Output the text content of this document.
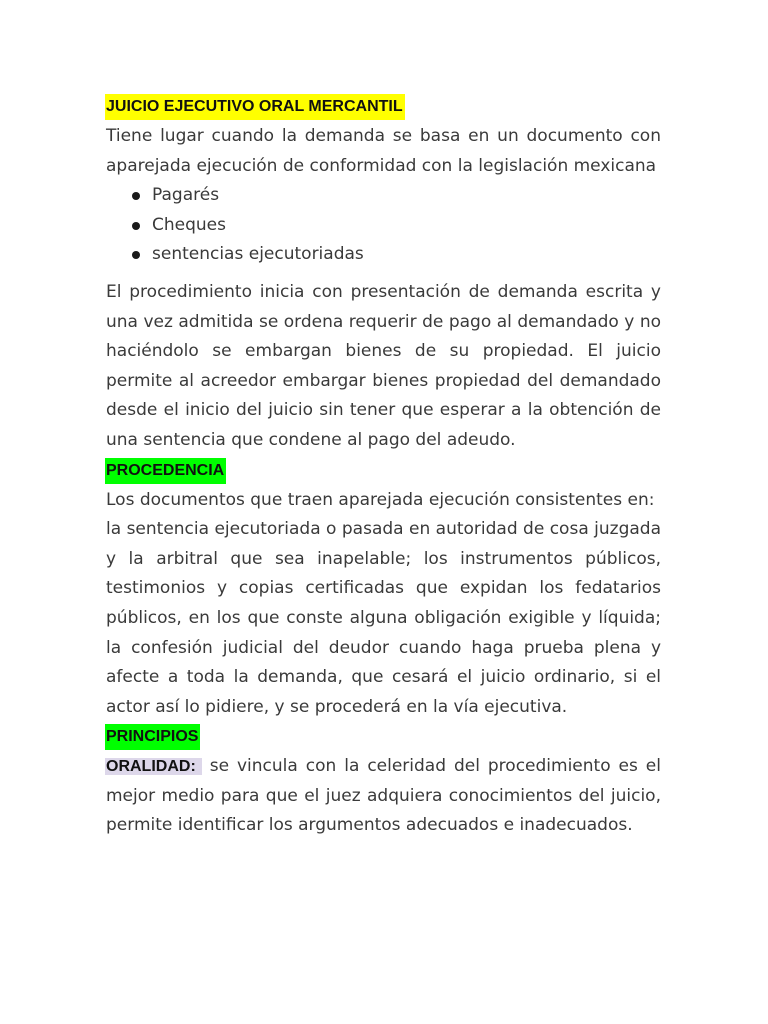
JUICIO EJECUTIVO ORAL MERCANTIL

Tiene lugar cuando la demanda se basa en un documento con aparejada ejecución de conformidad con la legislación mexicana

Pagarés
Cheques
sentencias ejecutoriadas

El procedimiento inicia con presentación de demanda escrita y una vez admitida se ordena requerir de pago al demandado y no haciéndolo se embargan bienes de su propiedad. El juicio permite al acreedor embargar bienes propiedad del demandado desde el inicio del juicio sin tener que esperar a la obtención de una sentencia que condene al pago del adeudo.

PROCEDENCIA

Los documentos que traen aparejada ejecución consistentes en:

la sentencia ejecutoriada o pasada en autoridad de cosa juzgada y la arbitral que sea inapelable; los instrumentos públicos, testimonios y copias certificadas que expidan los fedatarios públicos, en los que conste alguna obligación exigible y líquida; la confesión judicial del deudor cuando haga prueba plena y afecte a toda la demanda, que cesará el juicio ordinario, si el actor así lo pidiere, y se procederá en la vía ejecutiva.

PRINCIPIOS

ORALIDAD: se vincula con la celeridad del procedimiento es el mejor medio para que el juez adquiera conocimientos del juicio, permite identificar los argumentos adecuados e inadecuados.
